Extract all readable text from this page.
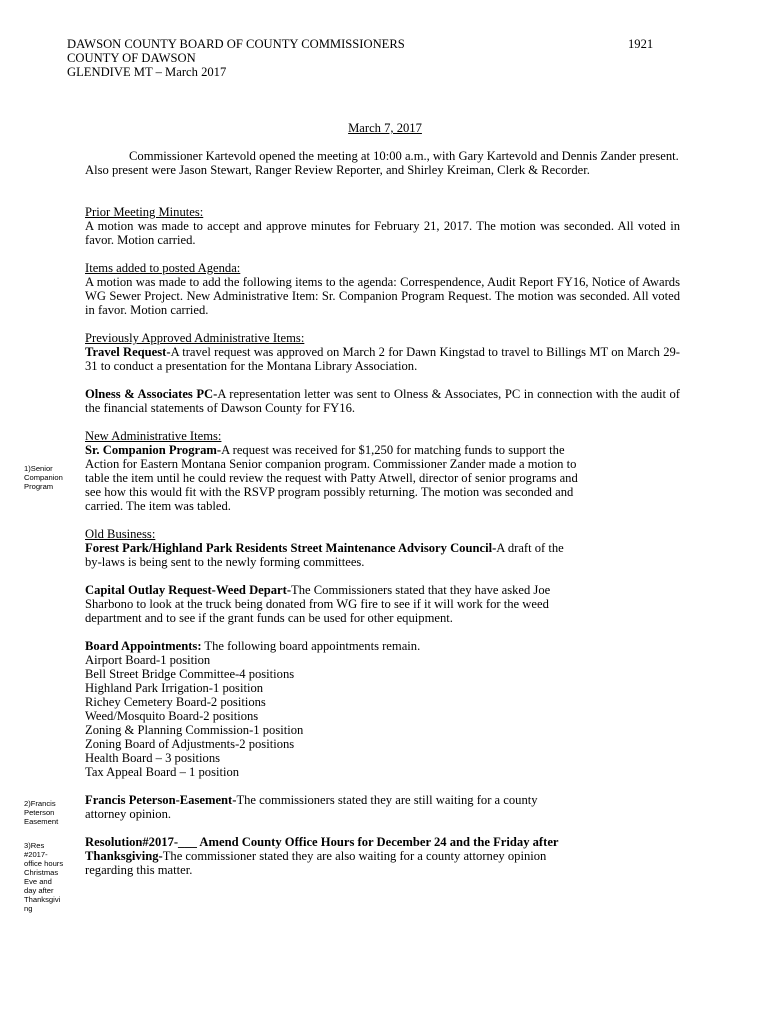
DAWSON COUNTY BOARD OF COUNTY COMMISSIONERS
COUNTY OF DAWSON
GLENDIVE MT – March 2017
1921
March 7, 2017
Commissioner Kartevold opened the meeting at 10:00 a.m., with Gary Kartevold and Dennis Zander present. Also present were Jason Stewart, Ranger Review Reporter, and Shirley Kreiman, Clerk & Recorder.
Prior Meeting Minutes:
A motion was made to accept and approve minutes for February 21, 2017. The motion was seconded. All voted in favor. Motion carried.
Items added to posted Agenda:
A motion was made to add the following items to the agenda: Correspendence, Audit Report FY16, Notice of Awards WG Sewer Project. New Administrative Item: Sr. Companion Program Request. The motion was seconded. All voted in favor. Motion carried.
Previously Approved Administrative Items:
Travel Request-A travel request was approved on March 2 for Dawn Kingstad to travel to Billings MT on March 29-31 to conduct a presentation for the Montana Library Association.
Olness & Associates PC-A representation letter was sent to Olness & Associates, PC in connection with the audit of the financial statements of Dawson County for FY16.
New Administrative Items:
Sr. Companion Program-A request was received for $1,250 for matching funds to support the
Action for Eastern Montana Senior companion program. Commissioner Zander made a motion to
table the item until he could review the request with Patty Atwell, director of senior programs and
see how this would fit with the RSVP program possibly returning. The motion was seconded and
carried. The item was tabled.
Old Business:
Forest Park/Highland Park Residents Street Maintenance Advisory Council-A draft of the
by-laws is being sent to the newly forming committees.
Capital Outlay Request-Weed Depart-The Commissioners stated that they have asked Joe
Sharbono to look at the truck being donated from WG fire to see if it will work for the weed
department and to see if the grant funds can be used for other equipment.
Board Appointments: The following board appointments remain.
Airport Board-1 position
Bell Street Bridge Committee-4 positions
Highland Park Irrigation-1 position
Richey Cemetery Board-2 positions
Weed/Mosquito Board-2 positions
Zoning & Planning Commission-1 position
Zoning Board of Adjustments-2 positions
Health Board – 3 positions
Tax Appeal Board – 1 position
Francis Peterson-Easement-The commissioners stated they are still waiting for a county
attorney opinion.
Resolution#2017-___ Amend County Office Hours for December 24 and the Friday after
Thanksgiving-The commissioner stated they are also waiting for a county attorney opinion
regarding this matter.
1)Senior
Companion
Program
2)Francis
Peterson
Easement
3)Res
#2017-
office hours
Christmas
Eve and
day after
Thanksgivi
ng
